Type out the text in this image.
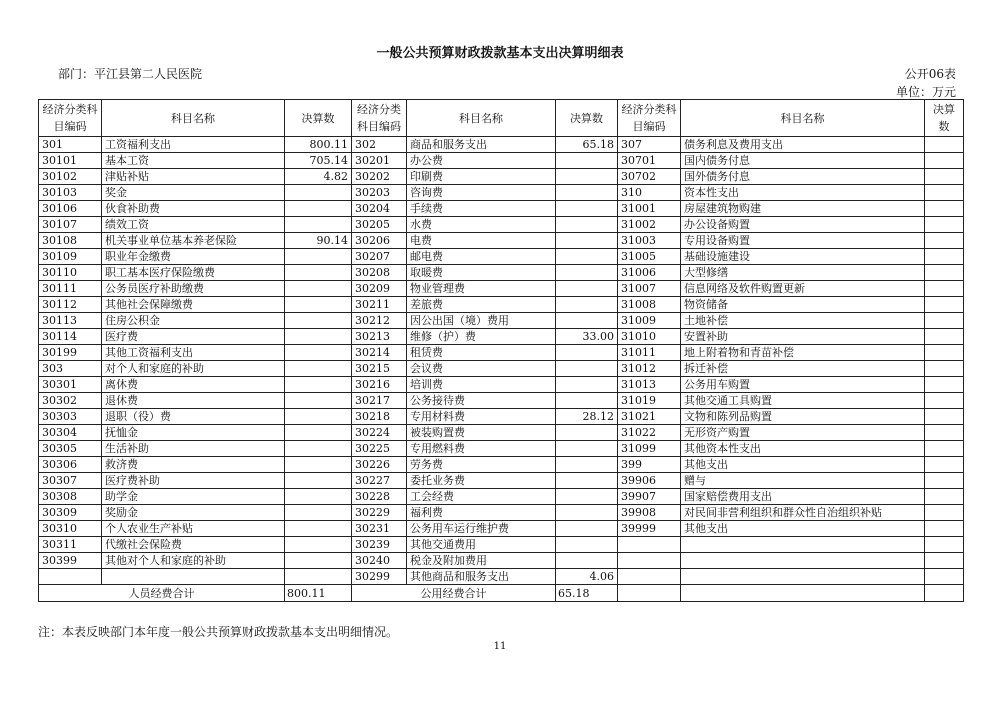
一般公共预算财政拨款基本支出决算明细表
部门：平江县第二人民医院	公开06表
单位：万元
经济分类科目编码	科目名称	决算数	经济分类科目编码	科目名称	决算数	经济分类科目编码	科目名称	决算数
301	工资福利支出	800.11	302	商品和服务支出	65.18	307	债务利息及费用支出	
30101	基本工资	705.14	30201	办公费		30701	国内债务付息	
30102	津贴补贴	4.82	30202	印刷费		30702	国外债务付息	
30103	奖金		30203	咨询费		310	资本性支出	
30106	伙食补助费		30204	手续费		31001	房屋建筑物购建	
30107	绩效工资		30205	水费		31002	办公设备购置	
30108	机关事业单位基本养老保险	90.14	30206	电费		31003	专用设备购置	
30109	职业年金缴费		30207	邮电费		31005	基础设施建设	
30110	职工基本医疗保险缴费		30208	取暖费		31006	大型修缮	
30111	公务员医疗补助缴费		30209	物业管理费		31007	信息网络及软件购置更新	
30112	其他社会保障缴费		30211	差旅费		31008	物资储备	
30113	住房公积金		30212	因公出国（境）费用		31009	土地补偿	
30114	医疗费		30213	维修（护）费	33.00	31010	安置补助	
30199	其他工资福利支出		30214	租赁费		31011	地上附着物和青苗补偿	
303	对个人和家庭的补助		30215	会议费		31012	拆迁补偿	
30301	离休费		30216	培训费		31013	公务用车购置	
30302	退休费		30217	公务接待费		31019	其他交通工具购置	
30303	退职（役）费		30218	专用材料费	28.12	31021	文物和陈列品购置	
30304	抚恤金		30224	被装购置费		31022	无形资产购置	
30305	生活补助		30225	专用燃料费		31099	其他资本性支出	
30306	救济费		30226	劳务费		399	其他支出	
30307	医疗费补助		30227	委托业务费		39906	赠与	
30308	助学金		30228	工会经费		39907	国家赔偿费用支出	
30309	奖励金		30229	福利费		39908	对民间非营利组织和群众性自治组织补贴	
30310	个人农业生产补贴		30231	公务用车运行维护费		39999	其他支出	
30311	代缴社会保险费		30239	其他交通费用				
30399	其他对个人和家庭的补助		30240	税金及附加费用				
			30299	其他商品和服务支出	4.06			
人员经费合计		800.11	公用经费合计		65.18			
注：本表反映部门本年度一般公共预算财政拨款基本支出明细情况。
11
